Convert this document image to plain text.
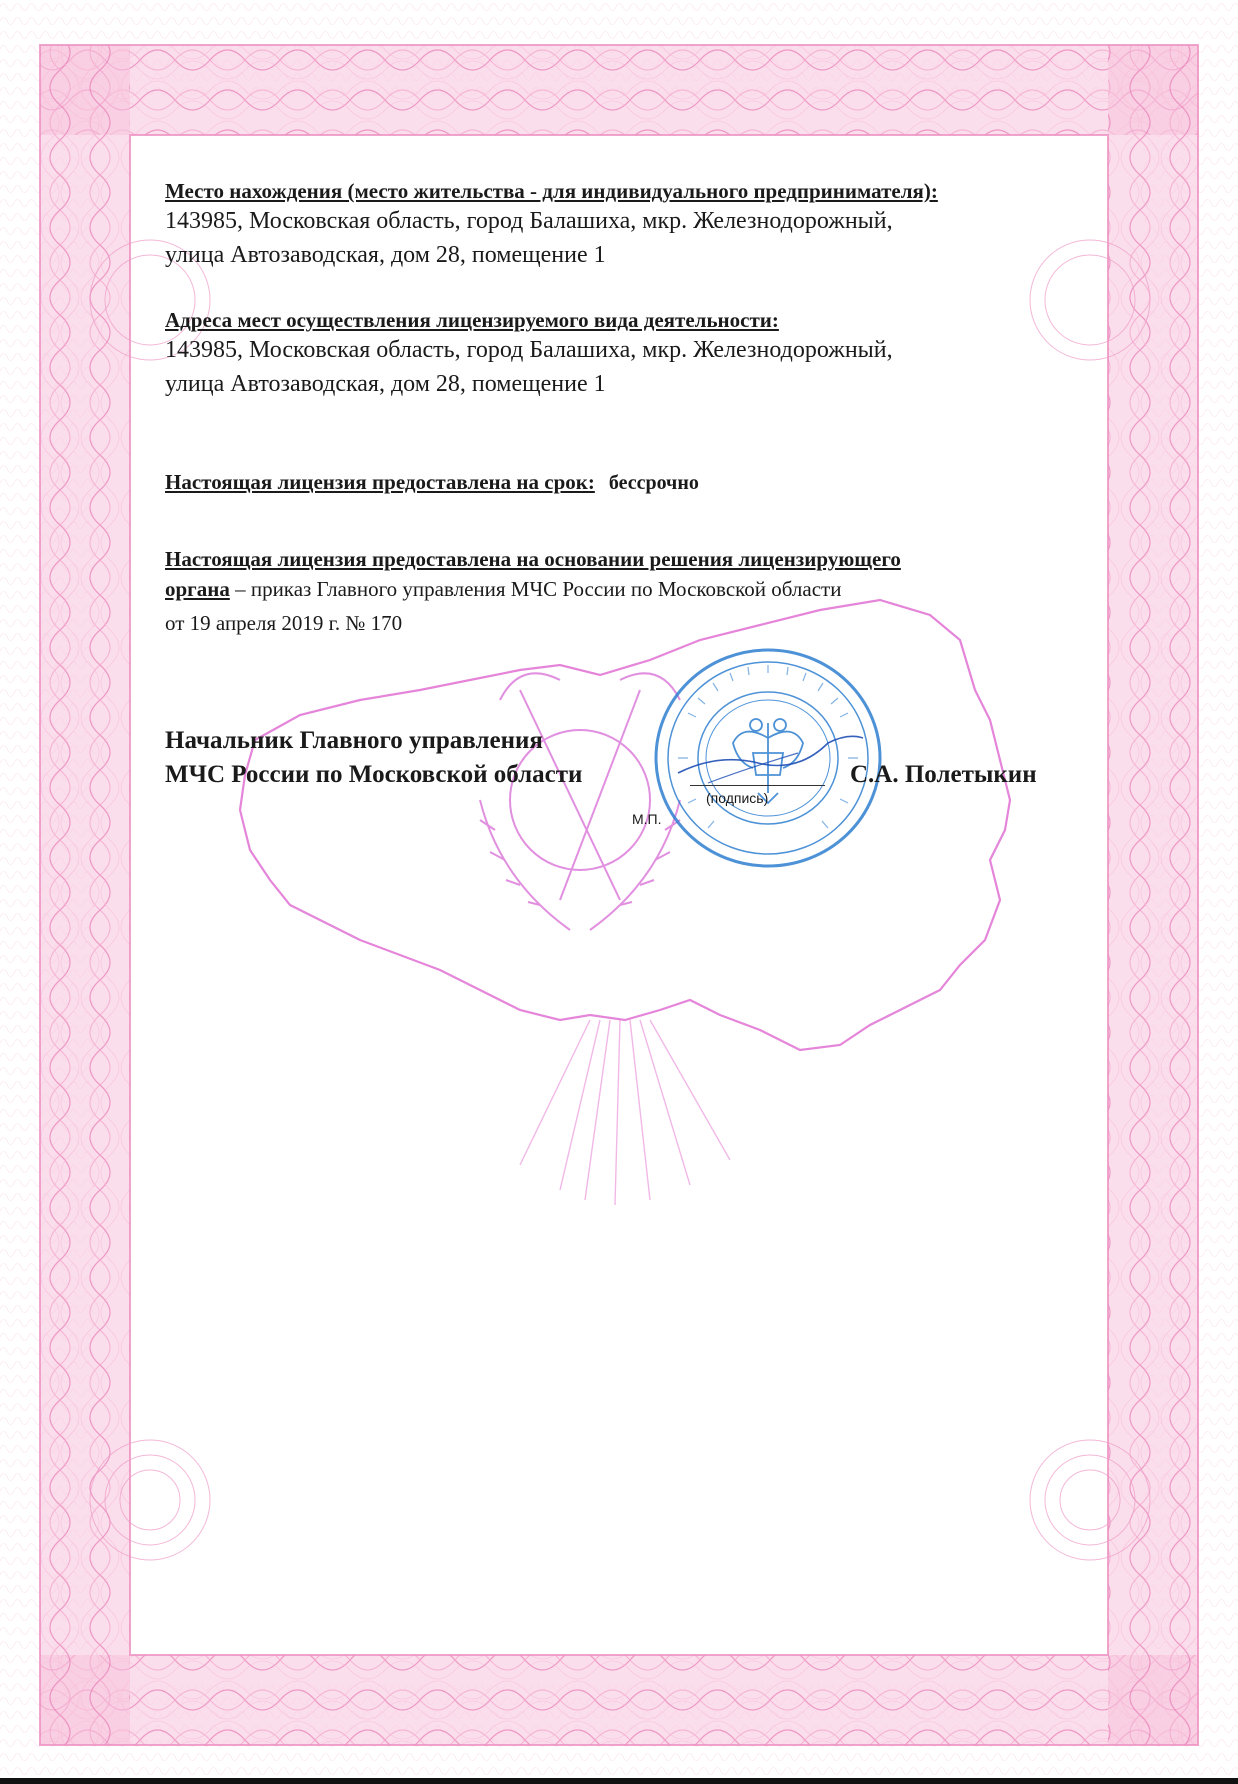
Место нахождения (место жительства - для индивидуального предпринимателя):

143985, Московская область, город Балашиха, мкр. Железнодорожный,

улица Автозаводская, дом 28, помещение 1

Адреса мест осуществления лицензируемого вида деятельности:

143985, Московская область, город Балашиха, мкр. Железнодорожный,

улица Автозаводская, дом 28, помещение 1

Настоящая лицензия предоставлена на срок: бессрочно

Настоящая лицензия предоставлена на основании решения лицензирующего

органа – приказ Главного управления МЧС России по Московской области

от 19 апреля 2019 г. № 170

Начальник Главного управления
МЧС России по Московской области
(подпись)
С.А. Полетыкин
М.П.
